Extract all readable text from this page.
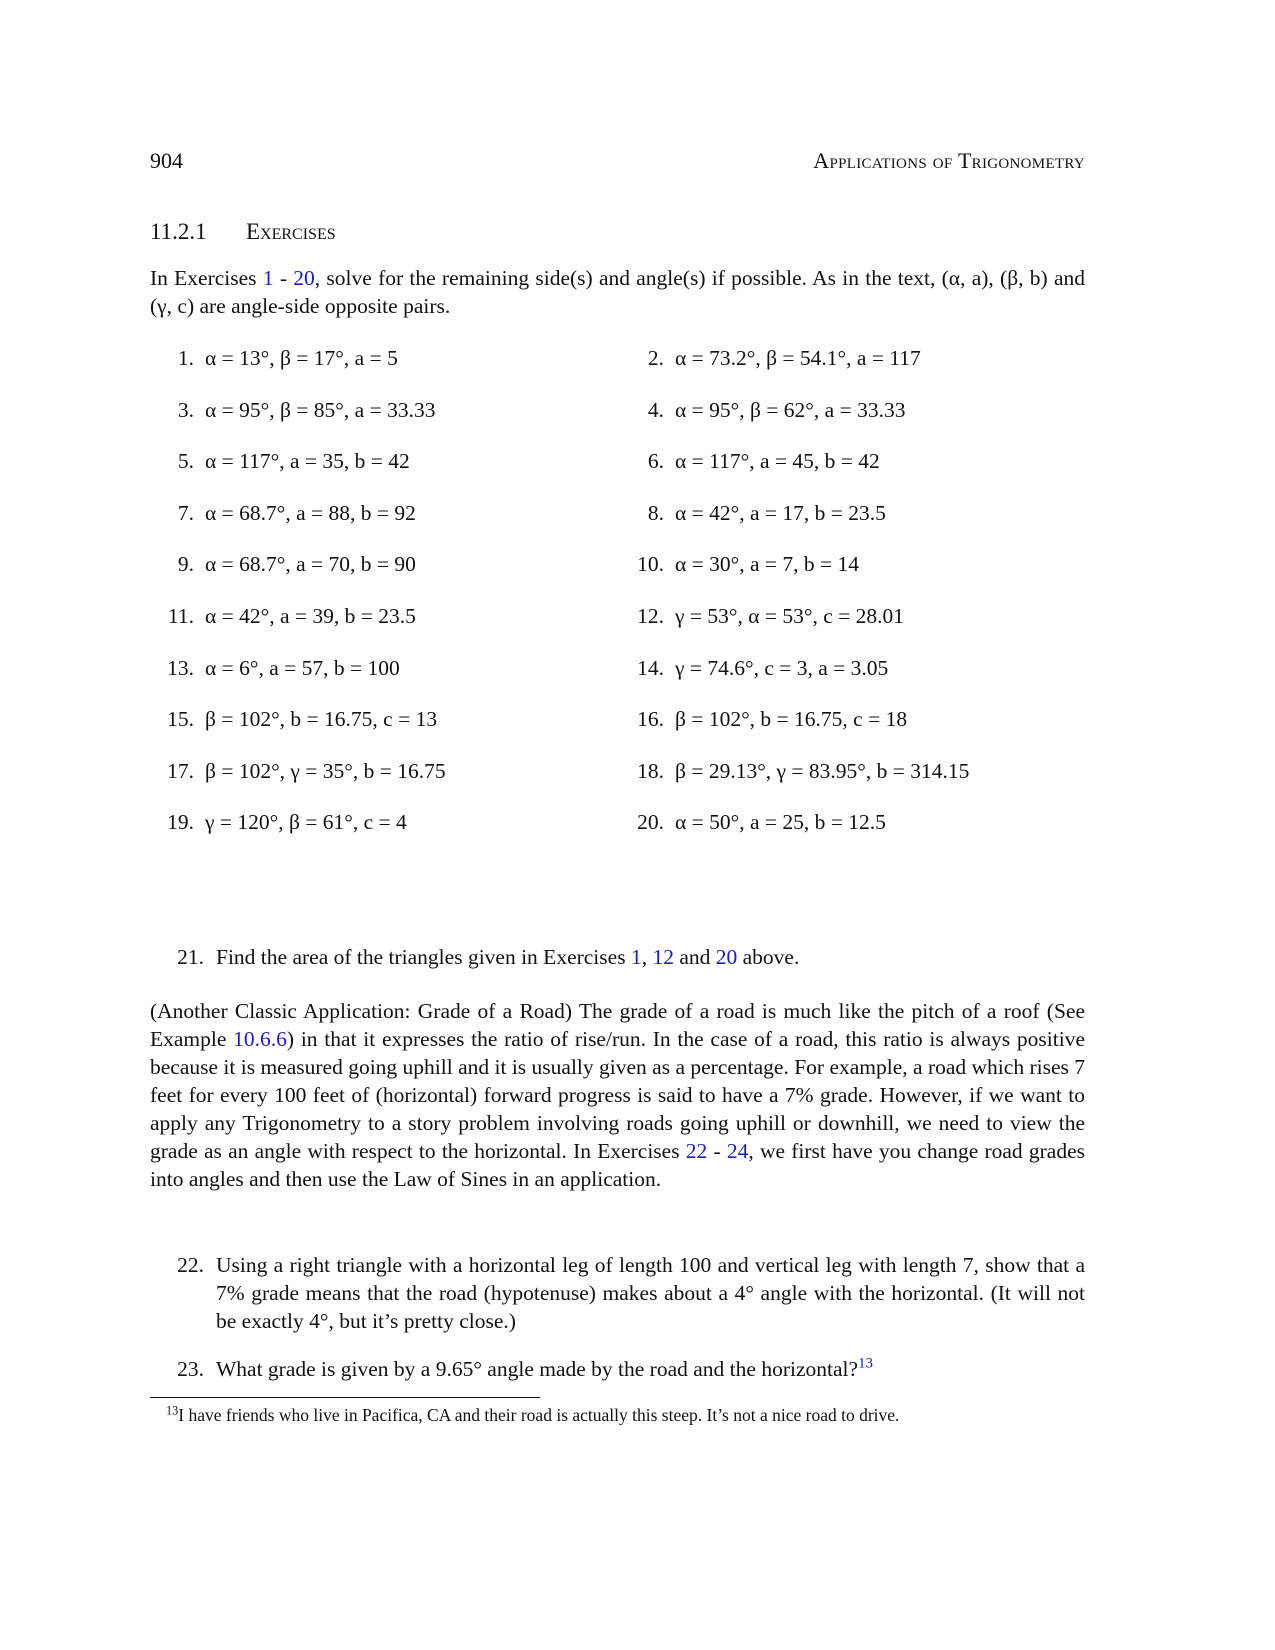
904	Applications of Trigonometry
11.2.1 Exercises
In Exercises 1 - 20, solve for the remaining side(s) and angle(s) if possible. As in the text, (α, a), (β, b) and (γ, c) are angle-side opposite pairs.
1. α = 13°, β = 17°, a = 5	2. α = 73.2°, β = 54.1°, a = 117
3. α = 95°, β = 85°, a = 33.33	4. α = 95°, β = 62°, a = 33.33
5. α = 117°, a = 35, b = 42	6. α = 117°, a = 45, b = 42
7. α = 68.7°, a = 88, b = 92	8. α = 42°, a = 17, b = 23.5
9. α = 68.7°, a = 70, b = 90	10. α = 30°, a = 7, b = 14
11. α = 42°, a = 39, b = 23.5	12. γ = 53°, α = 53°, c = 28.01
13. α = 6°, a = 57, b = 100	14. γ = 74.6°, c = 3, a = 3.05
15. β = 102°, b = 16.75, c = 13	16. β = 102°, b = 16.75, c = 18
17. β = 102°, γ = 35°, b = 16.75	18. β = 29.13°, γ = 83.95°, b = 314.15
19. γ = 120°, β = 61°, c = 4	20. α = 50°, a = 25, b = 12.5
21. Find the area of the triangles given in Exercises 1, 12 and 20 above.
(Another Classic Application: Grade of a Road) The grade of a road is much like the pitch of a roof (See Example 10.6.6) in that it expresses the ratio of rise/run. In the case of a road, this ratio is always positive because it is measured going uphill and it is usually given as a percentage. For example, a road which rises 7 feet for every 100 feet of (horizontal) forward progress is said to have a 7% grade. However, if we want to apply any Trigonometry to a story problem involving roads going uphill or downhill, we need to view the grade as an angle with respect to the horizontal. In Exercises 22 - 24, we first have you change road grades into angles and then use the Law of Sines in an application.
22. Using a right triangle with a horizontal leg of length 100 and vertical leg with length 7, show that a 7% grade means that the road (hypotenuse) makes about a 4° angle with the horizontal. (It will not be exactly 4°, but it’s pretty close.)
23. What grade is given by a 9.65° angle made by the road and the horizontal?$^{13}$
$^{13}$I have friends who live in Pacifica, CA and their road is actually this steep. It’s not a nice road to drive.
